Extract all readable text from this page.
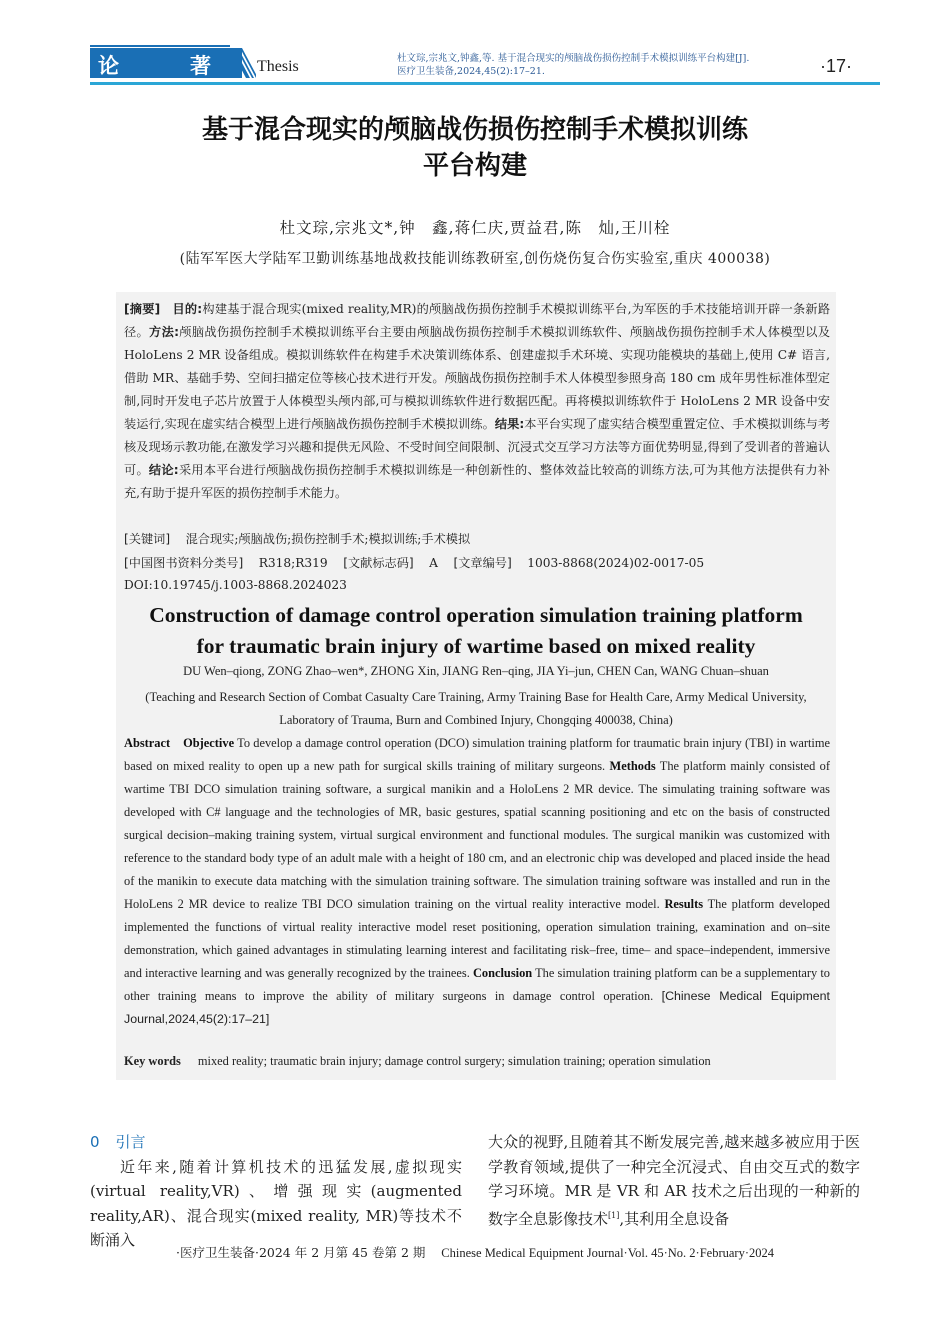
论	著	Thesis	杜文琮,宗兆文,钟鑫,等. 基于混合现实的颅脑战伤损伤控制手术模拟训练平台构建[J].
医疗卫生装备,2024,45(2):17–21.	·17·
基于混合现实的颅脑战伤损伤控制手术模拟训练
平台构建
杜文琮,宗兆文*,钟　鑫,蒋仁庆,贾益君,陈　灿,王川栓
(陆军军医大学陆军卫勤训练基地战救技能训练教研室,创伤烧伤复合伤实验室,重庆 400038)
[摘要] 目的:构建基于混合现实(mixed reality,MR)的颅脑战伤损伤控制手术模拟训练平台,为军医的手术技能培训开辟一条新路径。方法:颅脑战伤损伤控制手术模拟训练平台主要由颅脑战伤损伤控制手术模拟训练软件、颅脑战伤损伤控制手术人体模型以及 HoloLens 2 MR 设备组成。模拟训练软件在构建手术决策训练体系、创建虚拟手术环境、实现功能模块的基础上,使用 C# 语言,借助 MR、基础手势、空间扫描定位等核心技术进行开发。颅脑战伤损伤控制手术人体模型参照身高 180 cm 成年男性标准体型定制,同时开发电子芯片放置于人体模型头颅内部,可与模拟训练软件进行数据匹配。再将模拟训练软件于 HoloLens 2 MR 设备中安装运行,实现在虚实结合模型上进行颅脑战伤损伤控制手术模拟训练。结果:本平台实现了虚实结合模型重置定位、手术模拟训练与考核及现场示教功能,在激发学习兴趣和提供无风险、不受时间空间限制、沉浸式交互学习方法等方面优势明显,得到了受训者的普遍认可。结论:采用本平台进行颅脑战伤损伤控制手术模拟训练是一种创新性的、整体效益比较高的训练方法,可为其他方法提供有力补充,有助于提升军医的损伤控制手术能力。
[关键词] 混合现实;颅脑战伤;损伤控制手术;模拟训练;手术模拟
[中国图书资料分类号] R318;R319 [文献标志码] A [文章编号] 1003-8868(2024)02-0017-05
DOI:10.19745/j.1003-8868.2024023
Construction of damage control operation simulation training platform
for traumatic brain injury of wartime based on mixed reality
DU Wen–qiong, ZONG Zhao–wen*, ZHONG Xin, JIANG Ren–qing, JIA Yi–jun, CHEN Can, WANG Chuan–shuan
(Teaching and Research Section of Combat Casualty Care Training, Army Training Base for Health Care, Army Medical University, Laboratory of Trauma, Burn and Combined Injury, Chongqing 400038, China)
Abstract Objective To develop a damage control operation (DCO) simulation training platform for traumatic brain injury (TBI) in wartime based on mixed reality to open up a new path for surgical skills training of military surgeons. Methods The platform mainly consisted of wartime TBI DCO simulation training software, a surgical manikin and a HoloLens 2 MR device. The simulating training software was developed with C# language and the technologies of MR, basic gestures, spatial scanning positioning and etc on the basis of constructed surgical decision–making training system, virtual surgical environment and functional modules. The surgical manikin was customized with reference to the standard body type of an adult male with a height of 180 cm, and an electronic chip was developed and placed inside the head of the manikin to execute data matching with the simulation training software. The simulation training software was installed and run in the HoloLens 2 MR device to realize TBI DCO simulation training on the virtual reality interactive model. Results The platform developed implemented the functions of virtual reality interactive model reset positioning, operation simulation training, examination and on–site demonstration, which gained advantages in stimulating learning interest and facilitating risk–free, time– and space–independent, immersive and interactive learning and was generally recognized by the trainees. Conclusion The simulation training platform can be a supplementary to other training means to improve the ability of military surgeons in damage control operation. [Chinese Medical Equipment Journal,2024,45(2):17–21]
Key words mixed reality; traumatic brain injury; damage control surgery; simulation training; operation simulation
0 引言

近年来,随着计算机技术的迅猛发展,虚拟现实(virtual reality,VR)、增强现实(augmented reality,AR)、混合现实(mixed reality, MR)等技术不断涌入

大众的视野,且随着其不断发展完善,越来越多被应用于医学教育领域,提供了一种完全沉浸式、自由交互式的数字学习环境。MR 是 VR 和 AR 技术之后出现的一种新的数字全息影像技术[1],其利用全息设备

·医疗卫生装备·2024 年 2 月第 45 卷第 2 期 Chinese Medical Equipment Journal·Vol. 45·No. 2·February·2024
